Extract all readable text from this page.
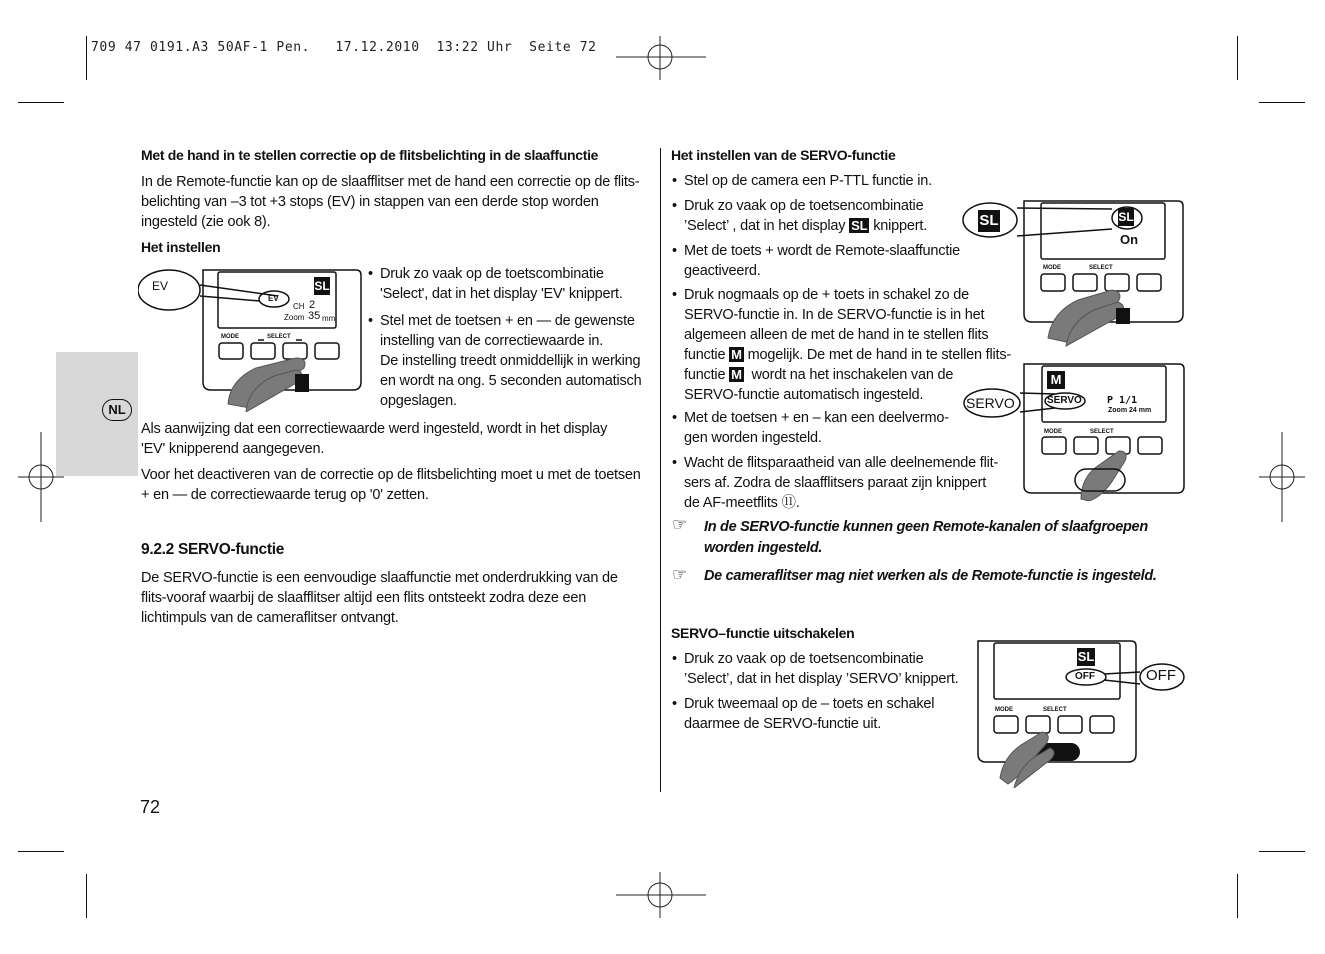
709 47 0191.A3 50AF-1 Pen.   17.12.2010  13:22 Uhr  Seite 72
NL
Met de hand in te stellen correctie op de flitsbelichting in de slaaffunctie
In de Remote-functie kan op de slaafflitser met de hand een correctie op de flits-
belichting van –3 tot +3 stops (EV) in stappen van een derde stop worden
ingesteld (zie ook 8).
Het instellen
EV
EV
SL
CH 2
Zoom 35 mm
MODE	SELECT
• Druk zo vaak op de toetscombinatie
'Select', dat in het display 'EV' knippert.
• Stel met de toetsen + en — de gewenste
instelling van de correctiewaarde in.
De instelling treedt onmiddellijk in werking
en wordt na ong. 5 seconden automatisch
opgeslagen.
Als aanwijzing dat een correctiewaarde werd ingesteld, wordt in het display
'EV' knipperend aangegeven.
Voor het deactiveren van de correctie op de flitsbelichting moet u met de toetsen
+ en — de correctiewaarde terug op '0' zetten.
9.2.2 SERVO-functie
De SERVO-functie is een eenvoudige slaaffunctie met onderdrukking van de
flits-vooraf waarbij de slaafflitser altijd een flits ontsteekt zodra deze een
lichtimpuls van de cameraflitser ontvangt.
72
Het instellen van de SERVO-functie
• Stel op de camera een P-TTL functie in.
• Druk zo vaak op de toetsencombinatie
’Select’ , dat in het display SL knippert.
• Met de toets + wordt de Remote-slaaffunctie
geactiveerd.
• Druk nogmaals op de + toets in schakel zo de
SERVO-functie in. In de SERVO-functie is in het
algemeen alleen de met de hand in te stellen flits
functie M mogelijk. De met de hand in te stellen flits-
functie M wordt na het inschakelen van de
SERVO-functie automatisch ingesteld.
• Met de toetsen + en – kan een deelvermo-
gen worden ingesteld.
• Wacht de flitsparaatheid van alle deelnemende flit-
sers af. Zodra de slaafflitsers paraat zijn knippert
de AF-meetflits ⑪.
☞ In de SERVO-functie kunnen geen Remote-kanalen of slaafgroepen
worden ingesteld.
☞ De cameraflitser mag niet werken als de Remote-functie is ingesteld.
SERVO–functie uitschakelen
• Druk zo vaak op de toetsencombinatie
’Select’, dat in het display ’SERVO’ knippert.
• Druk tweemaal op de – toets en schakel
daarmee de SERVO-functie uit.
SL	SL
On
MODE	SELECT
M
SERVO
SERVO	P 1/1
Zoom 24 mm
MODE	SELECT
SL
OFF	OFF
MODE	SELECT
